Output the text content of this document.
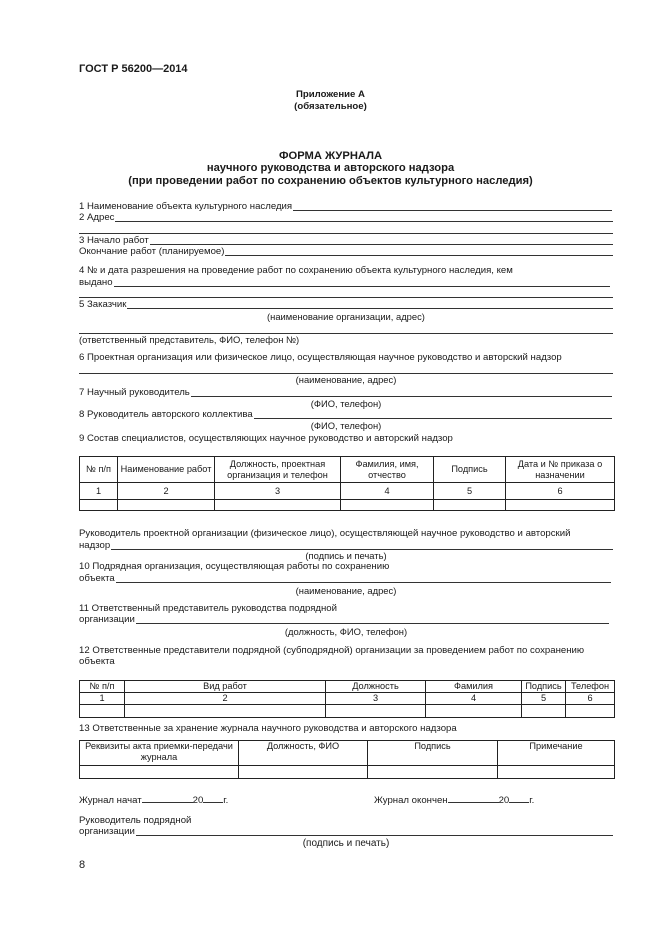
ГОСТ Р 56200—2014
Приложение А
(обязательное)
ФОРМА ЖУРНАЛА
научного руководства и авторского надзора
(при проведении работ по сохранению объектов культурного наследия)
1 Наименование объекта культурного наследия
2 Адрес
3 Начало работ
Окончание работ (планируемое)
4 № и дата разрешения на проведение работ по сохранению объекта культурного наследия, кем
выдано
5 Заказчик
(наименование организации, адрес)
(ответственный представитель, ФИО, телефон №)
6 Проектная организация или физическое лицо, осуществляющая научное руководство и авторский надзор
(наименование, адрес)
7 Научный руководитель
(ФИО, телефон)
8 Руководитель авторского коллектива
(ФИО, телефон)
9 Состав специалистов, осуществляющих научное руководство и авторский надзор
№ п/п	Наименование работ	Должность, проектная организация и телефон	Фамилия, имя, отчество	Подпись	Дата и № приказа о назначении
1	2	3	4	5	6

Руководитель проектной организации (физическое лицо), осуществляющей научное руководство и авторский
надзор
(подпись и печать)
10 Подрядная организация, осуществляющая работы по сохранению
объекта
(наименование, адрес)
11 Ответственный представитель руководства подрядной
организации
(должность, ФИО, телефон)
12 Ответственные представители подрядной (субподрядной) организации за проведением работ по сохранению
объекта
№ п/п	Вид работ	Должность	Фамилия	Подпись	Телефон
1	2	3	4	5	6

13 Ответственные за хранение журнала научного руководства и авторского надзора
Реквизиты акта приемки-передачи журнала	Должность, ФИО	Подпись	Примечание

Журнал начат	20 г.	Журнал окончен	20 г.
Руководитель подрядной
организации
(подпись и печать)
8
